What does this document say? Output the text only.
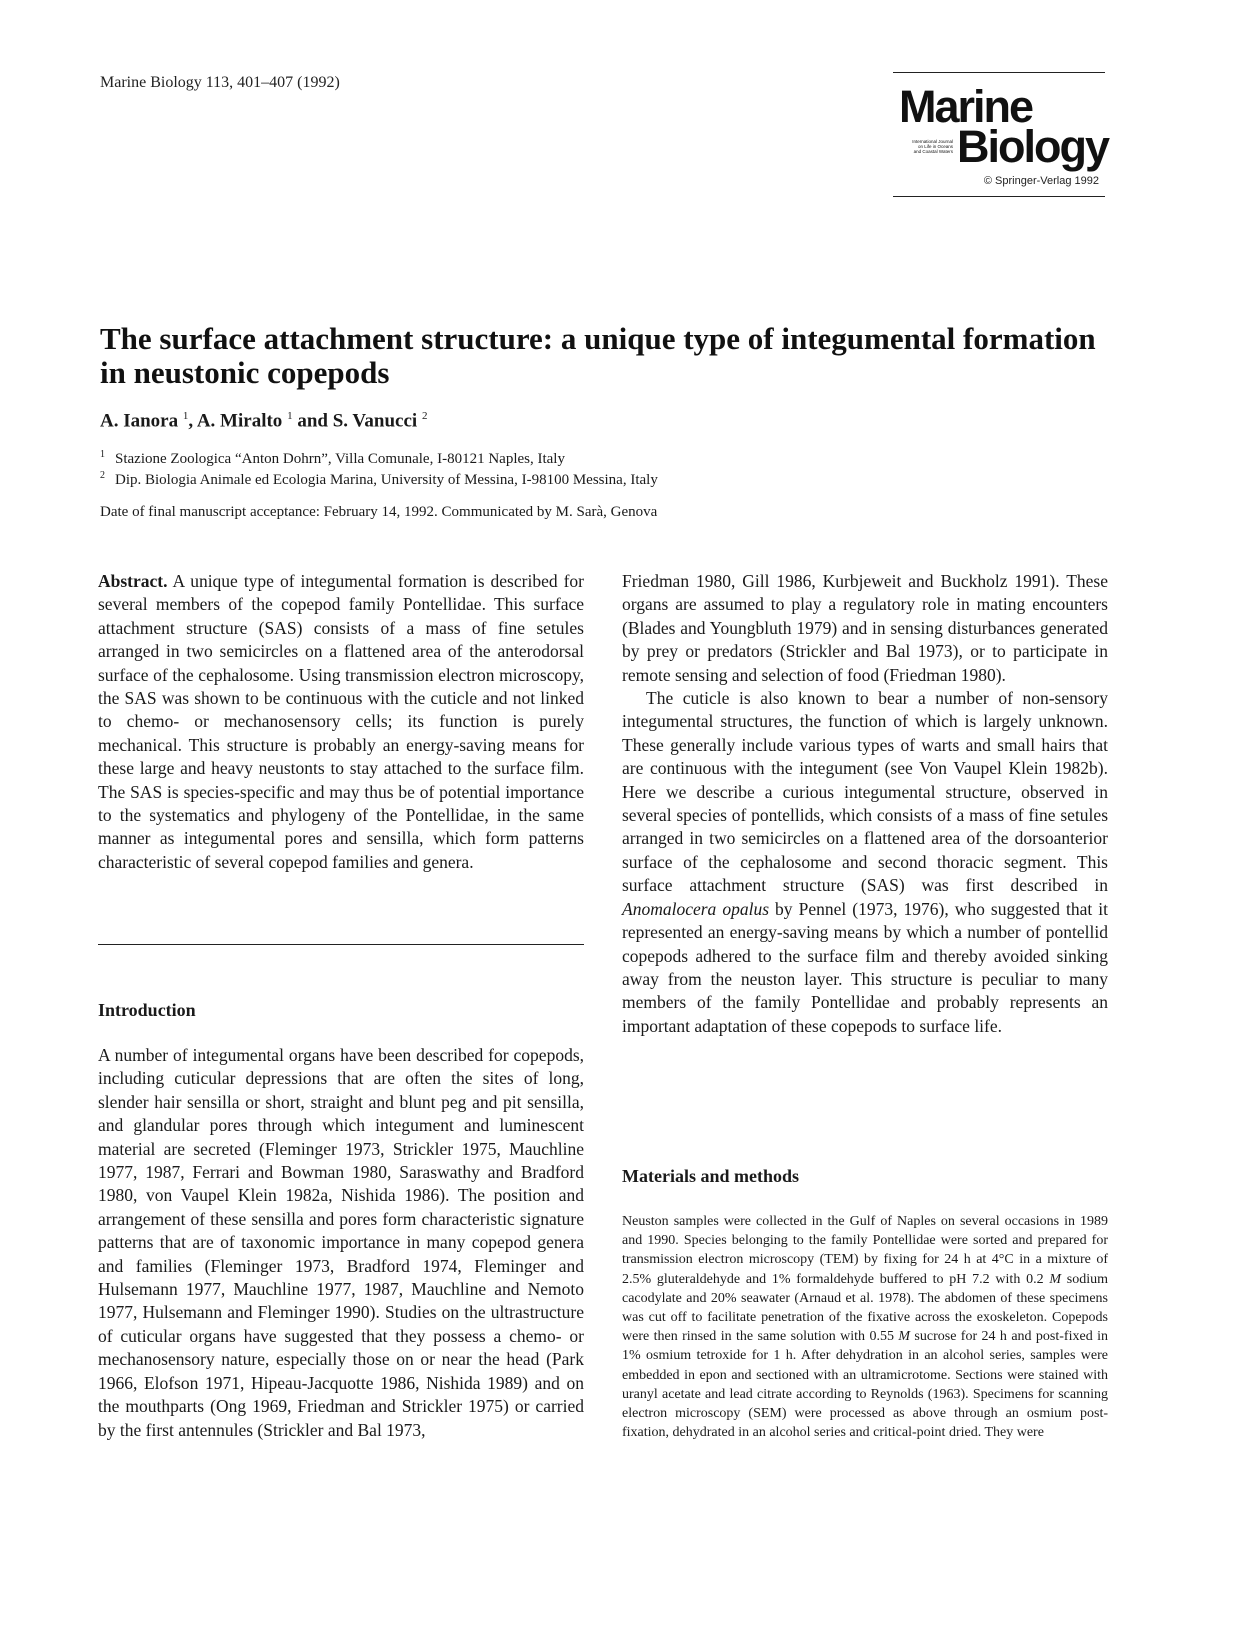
Marine Biology 113, 401–407 (1992)	Marine
International Journal
on Life in Oceans
and Coastal Waters Biology
© Springer-Verlag 1992
The surface attachment structure: a unique type of integumental formation in neustonic copepods
A. Ianora $^1$, A. Miralto $^1$ and S. Vanucci $^2$
$^1$ Stazione Zoologica “Anton Dohrn”, Villa Comunale, I-80121 Naples, Italy
$^2$ Dip. Biologia Animale ed Ecologia Marina, University of Messina, I-98100 Messina, Italy
Date of final manuscript acceptance: February 14, 1992. Communicated by M. Sarà, Genova
Abstract. A unique type of integumental formation is described for several members of the copepod family Pontellidae. This surface attachment structure (SAS) consists of a mass of fine setules arranged in two semicircles on a flattened area of the anterodorsal surface of the cephalosome. Using transmission electron microscopy, the SAS was shown to be continuous with the cuticle and not linked to chemo- or mechanosensory cells; its function is purely mechanical. This structure is probably an energy-saving means for these large and heavy neustonts to stay attached to the surface film. The SAS is species-specific and may thus be of potential importance to the systematics and phylogeny of the Pontellidae, in the same manner as integumental pores and sensilla, which form patterns characteristic of several copepod families and genera.
Introduction

A number of integumental organs have been described for copepods, including cuticular depressions that are often the sites of long, slender hair sensilla or short, straight and blunt peg and pit sensilla, and glandular pores through which integument and luminescent material are secreted (Fleminger 1973, Strickler 1975, Mauchline 1977, 1987, Ferrari and Bowman 1980, Saraswathy and Bradford 1980, von Vaupel Klein 1982a, Nishida 1986). The position and arrangement of these sensilla and pores form characteristic signature patterns that are of taxonomic importance in many copepod genera and families (Fleminger 1973, Bradford 1974, Fleminger and Hulsemann 1977, Mauchline 1977, 1987, Mauchline and Nemoto 1977, Hulsemann and Fleminger 1990). Studies on the ultrastructure of cuticular organs have suggested that they possess a chemo- or mechanosensory nature, especially those on or near the head (Park 1966, Elofson 1971, Hipeau-Jacquotte 1986, Nishida 1989) and on the mouthparts (Ong 1969, Friedman and Strickler 1975) or carried by the first antennules (Strickler and Bal 1973,

Friedman 1980, Gill 1986, Kurbjeweit and Buckholz 1991). These organs are assumed to play a regulatory role in mating encounters (Blades and Youngbluth 1979) and in sensing disturbances generated by prey or predators (Strickler and Bal 1973), or to participate in remote sensing and selection of food (Friedman 1980).

The cuticle is also known to bear a number of non-sensory integumental structures, the function of which is largely unknown. These generally include various types of warts and small hairs that are continuous with the integument (see Von Vaupel Klein 1982b). Here we describe a curious integumental structure, observed in several species of pontellids, which consists of a mass of fine setules arranged in two semicircles on a flattened area of the dorsoanterior surface of the cephalosome and second thoracic segment. This surface attachment structure (SAS) was first described in Anomalocera opalus by Pennel (1973, 1976), who suggested that it represented an energy-saving means by which a number of pontellid copepods adhered to the surface film and thereby avoided sinking away from the neuston layer. This structure is peculiar to many members of the family Pontellidae and probably represents an important adaptation of these copepods to surface life.

Materials and methods
Neuston samples were collected in the Gulf of Naples on several occasions in 1989 and 1990. Species belonging to the family Pontellidae were sorted and prepared for transmission electron microscopy (TEM) by fixing for 24 h at 4°C in a mixture of 2.5% gluteraldehyde and 1% formaldehyde buffered to pH 7.2 with 0.2 M sodium cacodylate and 20% seawater (Arnaud et al. 1978). The abdomen of these specimens was cut off to facilitate penetration of the fixative across the exoskeleton. Copepods were then rinsed in the same solution with 0.55 M sucrose for 24 h and post-fixed in 1% osmium tetroxide for 1 h. After dehydration in an alcohol series, samples were embedded in epon and sectioned with an ultramicrotome. Sections were stained with uranyl acetate and lead citrate according to Reynolds (1963). Specimens for scanning electron microscopy (SEM) were processed as above through an osmium post-fixation, dehydrated in an alcohol series and critical-point dried. They were
